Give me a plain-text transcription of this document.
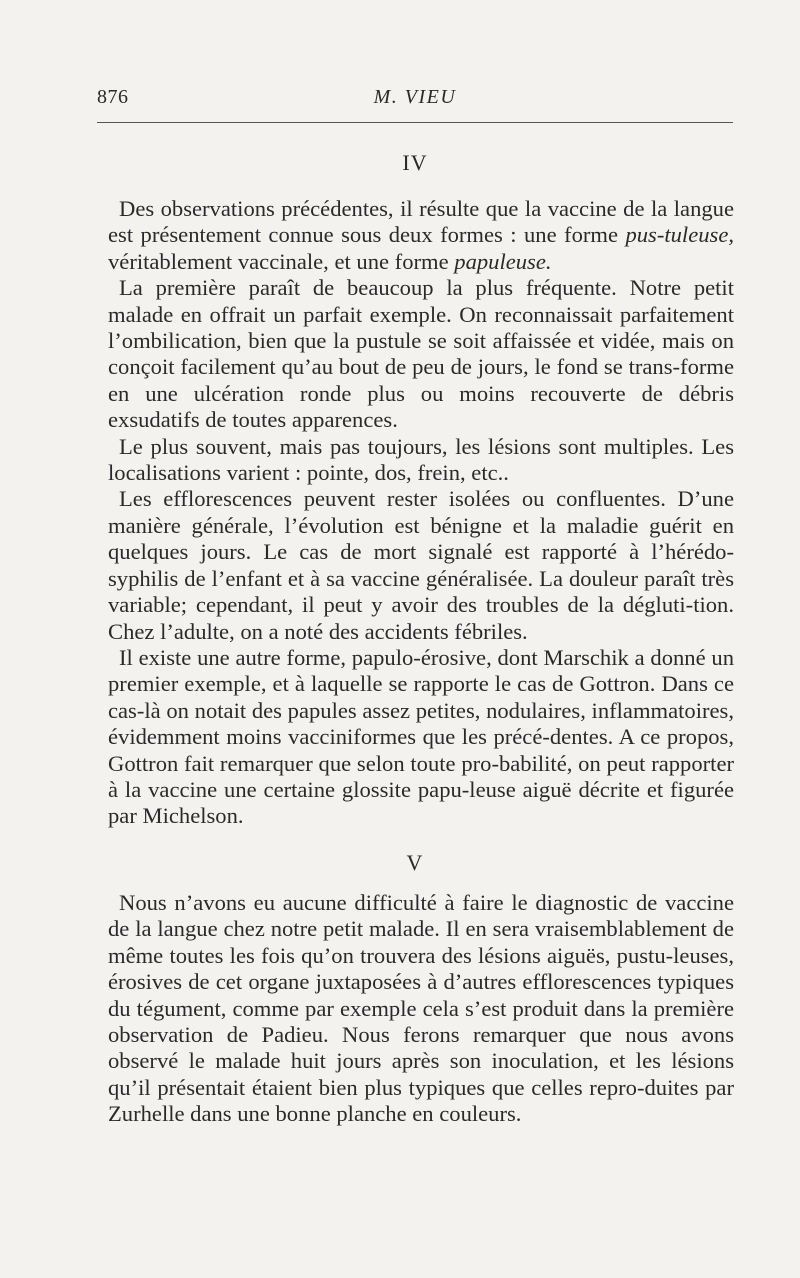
876	M. VIEU
IV

Des observations précédentes, il résulte que la vaccine de la langue est présentement connue sous deux formes : une forme pus-tuleuse, véritablement vaccinale, et une forme papuleuse.

La première paraît de beaucoup la plus fréquente. Notre petit malade en offrait un parfait exemple. On reconnaissait parfaitement l’ombilication, bien que la pustule se soit affaissée et vidée, mais on conçoit facilement qu’au bout de peu de jours, le fond se trans-forme en une ulcération ronde plus ou moins recouverte de débris exsudatifs de toutes apparences.

Le plus souvent, mais pas toujours, les lésions sont multiples. Les localisations varient : pointe, dos, frein, etc..

Les efflorescences peuvent rester isolées ou confluentes. D’une manière générale, l’évolution est bénigne et la maladie guérit en quelques jours. Le cas de mort signalé est rapporté à l’hérédo-syphilis de l’enfant et à sa vaccine généralisée. La douleur paraît très variable; cependant, il peut y avoir des troubles de la dégluti-tion. Chez l’adulte, on a noté des accidents fébriles.

Il existe une autre forme, papulo-érosive, dont Marschik a donné un premier exemple, et à laquelle se rapporte le cas de Gottron. Dans ce cas-là on notait des papules assez petites, nodulaires, inflammatoires, évidemment moins vacciniformes que les précé-dentes. A ce propos, Gottron fait remarquer que selon toute pro-babilité, on peut rapporter à la vaccine une certaine glossite papu-leuse aiguë décrite et figurée par Michelson.

V

Nous n’avons eu aucune difficulté à faire le diagnostic de vaccine de la langue chez notre petit malade. Il en sera vraisemblablement de même toutes les fois qu’on trouvera des lésions aiguës, pustu-leuses, érosives de cet organe juxtaposées à d’autres efflorescences typiques du tégument, comme par exemple cela s’est produit dans la première observation de Padieu. Nous ferons remarquer que nous avons observé le malade huit jours après son inoculation, et les lésions qu’il présentait étaient bien plus typiques que celles repro-duites par Zurhelle dans une bonne planche en couleurs.
